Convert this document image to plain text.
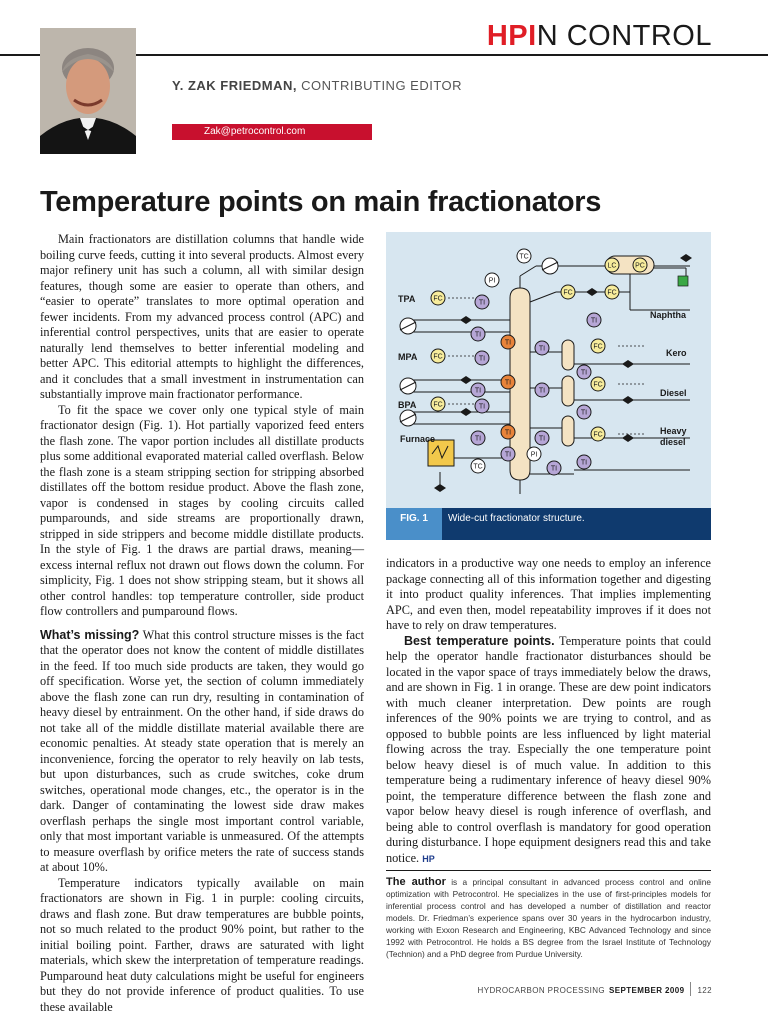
HPIN CONTROL
Y. ZAK FRIEDMAN, CONTRIBUTING EDITOR
Zak@petrocontrol.com
Temperature points on main fractionators

Main fractionators are distillation columns that handle wide boiling curve feeds, cutting it into several products. Almost every major refinery unit has such a column, all with similar design features, though some are easier to operate than others, and “easier to operate” translates to more optimal operation and fewer incidents. From my advanced process control (APC) and inferential control perspectives, units that are easier to operate naturally lend themselves to better inferential modeling and better APC. This editorial attempts to highlight the differences, and it concludes that a small investment in instrumentation can substantially improve main fractionator performance.

To fit the space we cover only one typical style of main fractionator design (Fig. 1). Hot partially vaporized feed enters the flash zone. The vapor portion includes all distillate products plus some additional evaporated material called overflash. Below the flash zone is a steam stripping section for stripping absorbed distillates off the bottom residue product. Above the flash zone, vapor is condensed in stages by cooling circuits called pumparounds, and side streams are proportionally drawn, stripped in side strippers and become middle distillate products. In the style of Fig. 1 the draws are partial draws, meaning—excess internal reflux not drawn out flows down the column. For simplicity, Fig. 1 does not show stripping steam, but it shows all other control handles: top temperature controller, side product flow controllers and pumparound flows.

What’s missing? What this control structure misses is the fact that the operator does not know the content of middle distillates in the feed. If too much side products are taken, they would go off specification. Worse yet, the section of column immediately above the flash zone can run dry, resulting in contamination of heavy diesel by entrainment. On the other hand, if side draws do not take all of the middle distillate material available there are economic penalties. At steady state operation that is merely an inconvenience, forcing the operator to rely heavily on lab tests, but upon disturbances, such as crude switches, coke drum switches, operational mode changes, etc., the operator is in the dark. Danger of contaminating the lowest side draw makes overflash perhaps the single most important control variable, only that most important variable is unmeasured. Of the attempts to measure overflash by orifice meters the rate of success stands at about 10%.

Temperature indicators typically available on main fractionators are shown in Fig. 1 in purple: cooling circuits, draws and flash zone. But draw temperatures are bubble points, not so much related to the product 90% point, but rather to the initial boiling point. Farther, draws are saturated with light materials, which skew the interpretation of temperature readings. Pumparound heat duty calculations might be useful for engineers but they do not provide inference of product qualities. To use these available

TPA
MPA
BPA
Furnace
Naphtha
Kero
Diesel
Heavy
diesel
PI
TC
LC	PC
FC	FC
FC
FC
FC
FC
FC
FC
TI
TI
TI
TI
TI
TI
TI
TI
TI
TI
TI
TI
TI
TI
TI	PI
TC
TI
TI
TI
FIG. 1	Wide-cut fractionator structure.

indicators in a productive way one needs to employ an inference package connecting all of this information together and digesting it into product quality inferences. That implies implementing APC, and even then, model repeatability improves if it does not have to rely on draw temperatures.

Best temperature points. Temperature points that could help the operator handle fractionator disturbances should be located in the vapor space of trays immediately below the draws, and are shown in Fig. 1 in orange. These are dew point indicators with much cleaner interpretation. Dew points are rough inferences of the 90% points we are trying to control, and as opposed to bubble points are less influenced by light material flowing across the tray. Especially the one temperature point below heavy diesel is of much value. In addition to this temperature being a rudimentary inference of heavy diesel 90% point, the temperature difference between the flash zone and vapor below heavy diesel is rough inference of overflash, and being able to control overflash is mandatory for good operation during disturbance. I hope equipment designers read this and take notice. HP

The author is a principal consultant in advanced process control and online optimization with Petrocontrol. He specializes in the use of first-principles models for inferential process control and has developed a number of distillation and reactor models. Dr. Friedman’s experience spans over 30 years in the hydrocarbon industry, working with Exxon Research and Engineering, KBC Advanced Technology and since 1992 with Petrocontrol. He holds a BS degree from the Israel Institute of Technology (Technion) and a PhD degree from Purdue University.
HYDROCARBON PROCESSING SEPTEMBER 2009 122
